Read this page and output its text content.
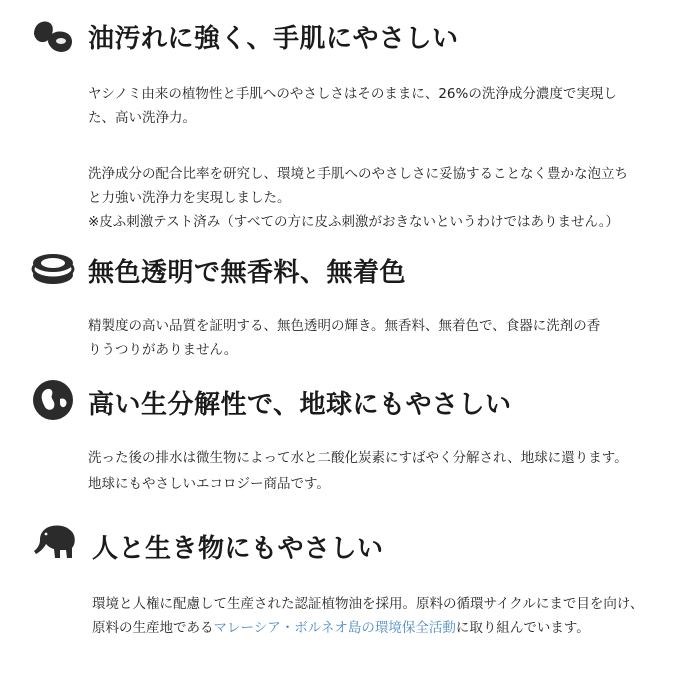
油汚れに強く、手肌にやさしい

ヤシノミ由来の植物性と手肌へのやさしさはそのままに、26%の洗浄成分濃度で実現した、高い洗浄力。

洗浄成分の配合比率を研究し、環境と手肌へのやさしさに妥協することなく豊かな泡立ちと力強い洗浄力を実現しました。

※皮ふ刺激テスト済み（すべての方に皮ふ刺激がおきないというわけではありません。）

無色透明で無香料、無着色

精製度の高い品質を証明する、無色透明の輝き。無香料、無着色で、食器に洗剤の香りうつりがありません。

高い生分解性で、地球にもやさしい

洗った後の排水は微生物によって水と二酸化炭素にすばやく分解され、地球に還ります。

地球にもやさしいエコロジー商品です。

人と生き物にもやさしい

環境と人権に配慮して生産された認証植物油を採用。原料の循環サイクルにまで目を向け、原料の生産地であるマレーシア・ボルネオ島の環境保全活動に取り組んでいます。
